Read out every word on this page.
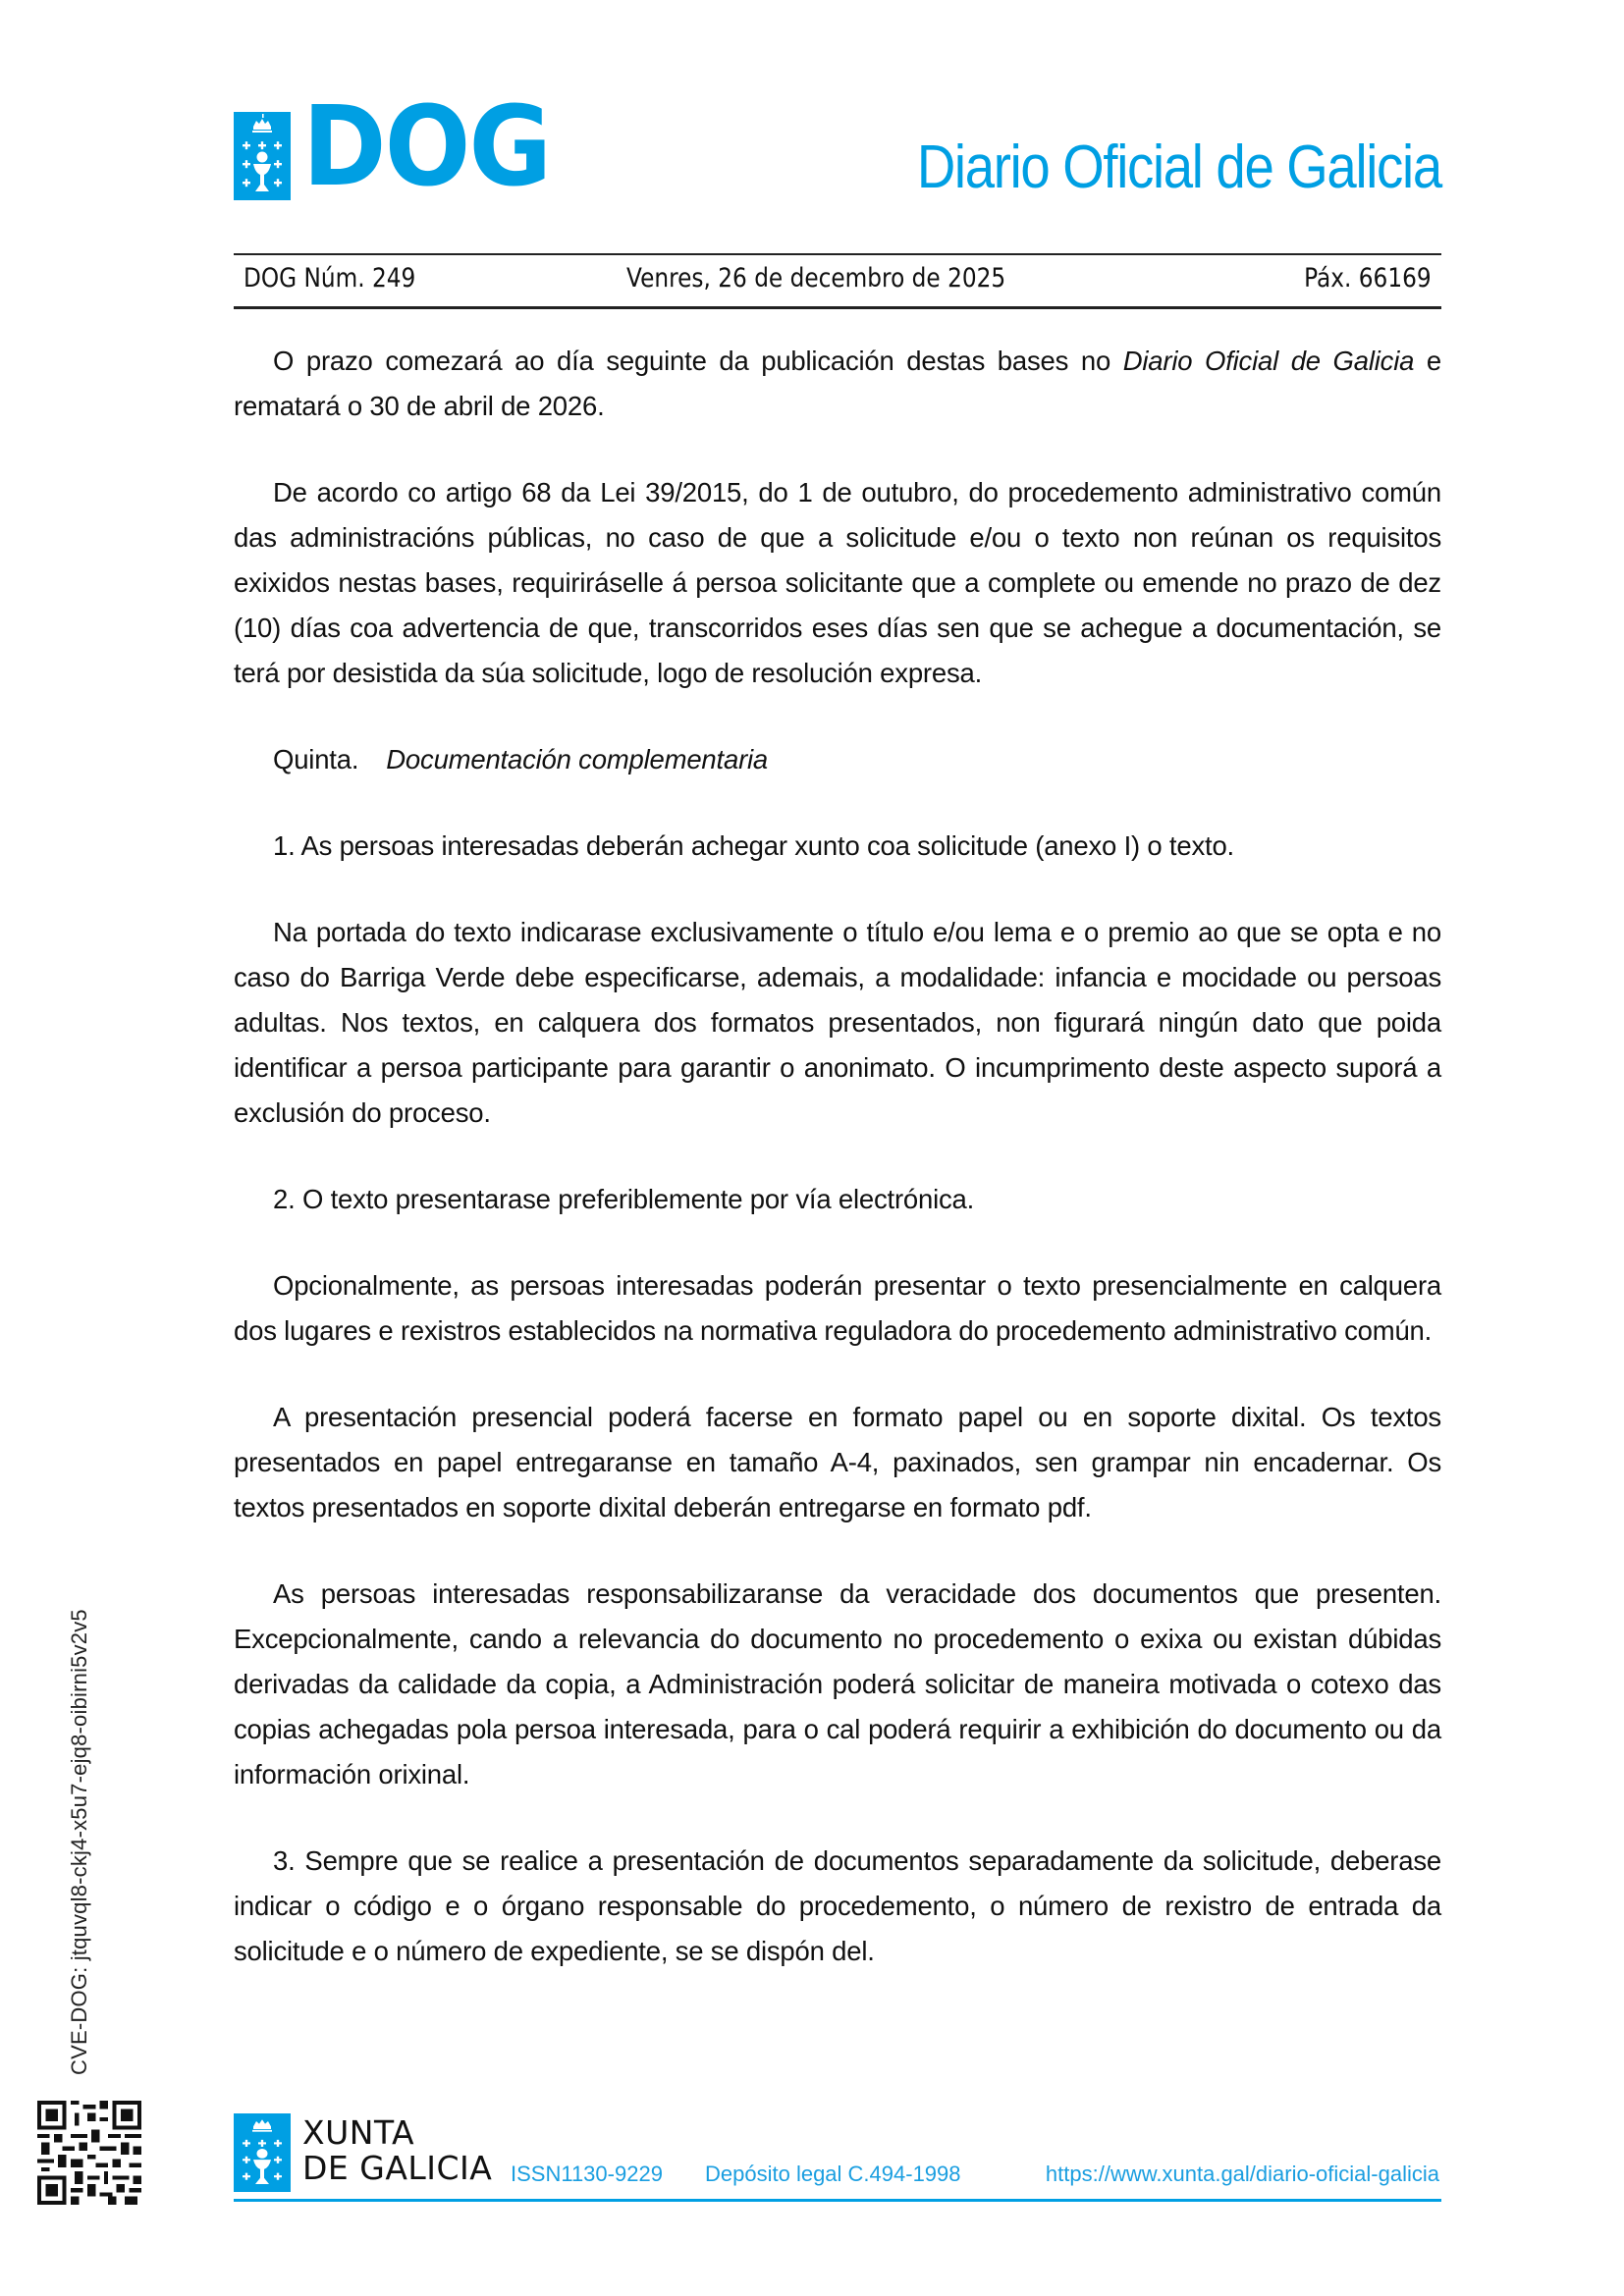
DOG	Diario Oficial de Galicia
DOG Núm. 249	Venres, 26 de decembro de 2025	Páx. 66169

O prazo comezará ao día seguinte da publicación destas bases no Diario Oficial de Galicia e rematará o 30 de abril de 2026.

De acordo co artigo 68 da Lei 39/2015, do 1 de outubro, do procedemento administrativo común das administracións públicas, no caso de que a solicitude e/ou o texto non reúnan os requisitos exixidos nestas bases, requiriráselle á persoa solicitante que a complete ou emende no prazo de dez (10) días coa advertencia de que, transcorridos eses días sen que se achegue a documentación, se terá por desistida da súa solicitude, logo de resolución expresa.

Quinta. Documentación complementaria

1. As persoas interesadas deberán achegar xunto coa solicitude (anexo I) o texto.

Na portada do texto indicarase exclusivamente o título e/ou lema e o premio ao que se opta e no caso do Barriga Verde debe especificarse, ademais, a modalidade: infancia e mocidade ou persoas adultas. Nos textos, en calquera dos formatos presentados, non figurará ningún dato que poida identificar a persoa participante para garantir o anonimato. O incumprimento deste aspecto suporá a exclusión do proceso.

2. O texto presentarase preferiblemente por vía electrónica.

Opcionalmente, as persoas interesadas poderán presentar o texto presencialmente en calquera dos lugares e rexistros establecidos na normativa reguladora do procedemento administrativo común.

A presentación presencial poderá facerse en formato papel ou en soporte dixital. Os textos presentados en papel entregaranse en tamaño A-4, paxinados, sen grampar nin encadernar. Os textos presentados en soporte dixital deberán entregarse en formato pdf.

As persoas interesadas responsabilizaranse da veracidade dos documentos que presenten. Excepcionalmente, cando a relevancia do documento no procedemento o exixa ou existan dúbidas derivadas da calidade da copia, a Administración poderá solicitar de maneira motivada o cotexo das copias achegadas pola persoa interesada, para o cal poderá requirir a exhibición do documento ou da información orixinal.

3. Sempre que se realice a presentación de documentos separadamente da solicitude, deberase indicar o código e o órgano responsable do procedemento, o número de rexistro de entrada da solicitude e o número de expediente, se se dispón del.

CVE-DOG: jtquvql8-ckj4-x5u7-ejq8-oibirni5v2v5
XUNTA
DE GALICIA ISSN1130-9229 Depósito legal C.494-1998	https://www.xunta.gal/diario-oficial-galicia
